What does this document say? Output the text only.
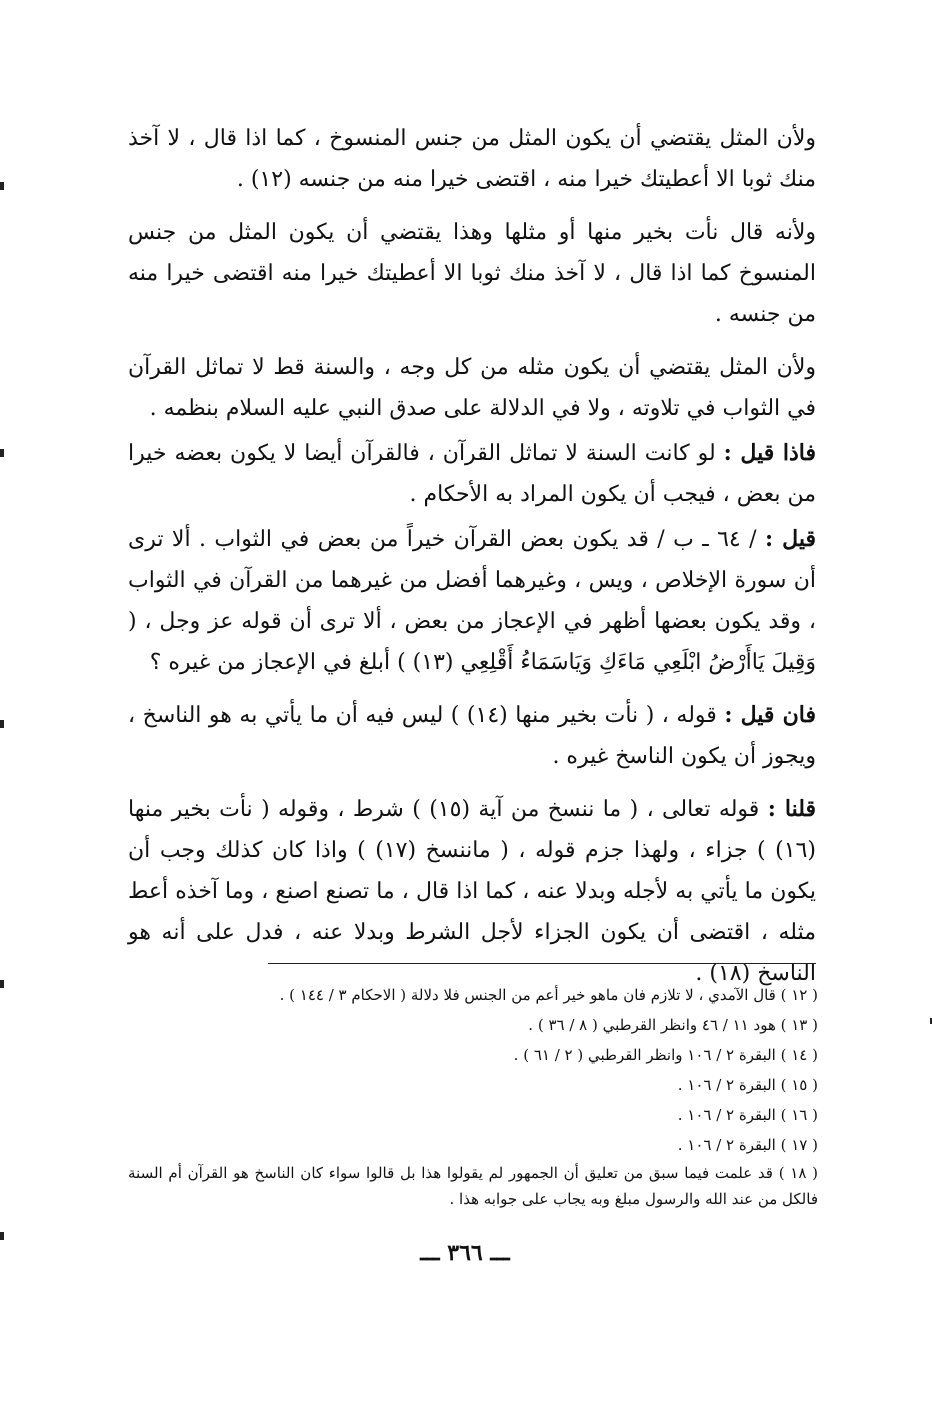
ولأن المثل يقتضي أن يكون المثل من جنس المنسوخ ، كما اذا قال ، لا آخذ منك ثوبا الا أعطيتك خيرا منه ، اقتضى خيرا منه من جنسه (١٢) .

ولأنه قال نأت بخير منها أو مثلها وهذا يقتضي أن يكون المثل من جنس المنسوخ كما اذا قال ، لا آخذ منك ثوبا الا أعطيتك خيرا منه اقتضى خيرا منه من جنسه .

ولأن المثل يقتضي أن يكون مثله من كل وجه ، والسنة قط لا تماثل القرآن في الثواب في تلاوته ، ولا في الدلالة على صدق النبي عليه السلام بنظمه .

فاذا قيل : لو كانت السنة لا تماثل القرآن ، فالقرآن أيضا لا يكون بعضه خيرا من بعض ، فيجب أن يكون المراد به الأحكام .

قيل : / ٦٤ ـ ب / قد يكون بعض القرآن خيراً من بعض في الثواب . ألا ترى أن سورة الإخلاص ، ويس ، وغيرهما أفضل من غيرهما من القرآن في الثواب ، وقد يكون بعضها أظهر في الإعجاز من بعض ، ألا ترى أن قوله عز وجل ، ( وَقِيلَ يَاأَرْضُ ابْلَعِي مَاءَكِ وَيَاسَمَاءُ أَقْلِعِي (١٣) ) أبلغ في الإعجاز من غيره ؟

فان قيل : قوله ، ( نأت بخير منها (١٤) ) ليس فيه أن ما يأتي به هو الناسخ ، ويجوز أن يكون الناسخ غيره .

قلنا : قوله تعالى ، ( ما ننسخ من آية (١٥) ) شرط ، وقوله ( نأت بخير منها (١٦) ) جزاء ، ولهذا جزم قوله ، ( ماننسخ (١٧) ) واذا كان كذلك وجب أن يكون ما يأتي به لأجله وبدلا عنه ، كما اذا قال ، ما تصنع اصنع ، وما آخذه أعط مثله ، اقتضى أن يكون الجزاء لأجل الشرط وبدلا عنه ، فدل على أنه هو الناسخ (١٨) .

( ١٢ ) قال الآمدي ، لا تلازم فان ماهو خير أعم من الجنس فلا دلالة ( الاحكام ٣ / ١٤٤ ) .

( ١٣ ) هود ١١ / ٤٦ وانظر القرطبي ( ٨ / ٣٦ ) .

( ١٤ ) البقرة ٢ / ١٠٦ وانظر القرطبي ( ٢ / ٦١ ) .

( ١٥ ) البقرة ٢ / ١٠٦ .

( ١٦ ) البقرة ٢ / ١٠٦ .

( ١٧ ) البقرة ٢ / ١٠٦ .

( ١٨ ) قد علمت فيما سبق من تعليق أن الجمهور لم يقولوا هذا بل قالوا سواء كان الناسخ هو القرآن أم السنة فالكل من عند الله والرسول مبلغ وبه يجاب على جوابه هذا .

ـــ ٣٦٦ ـــ
